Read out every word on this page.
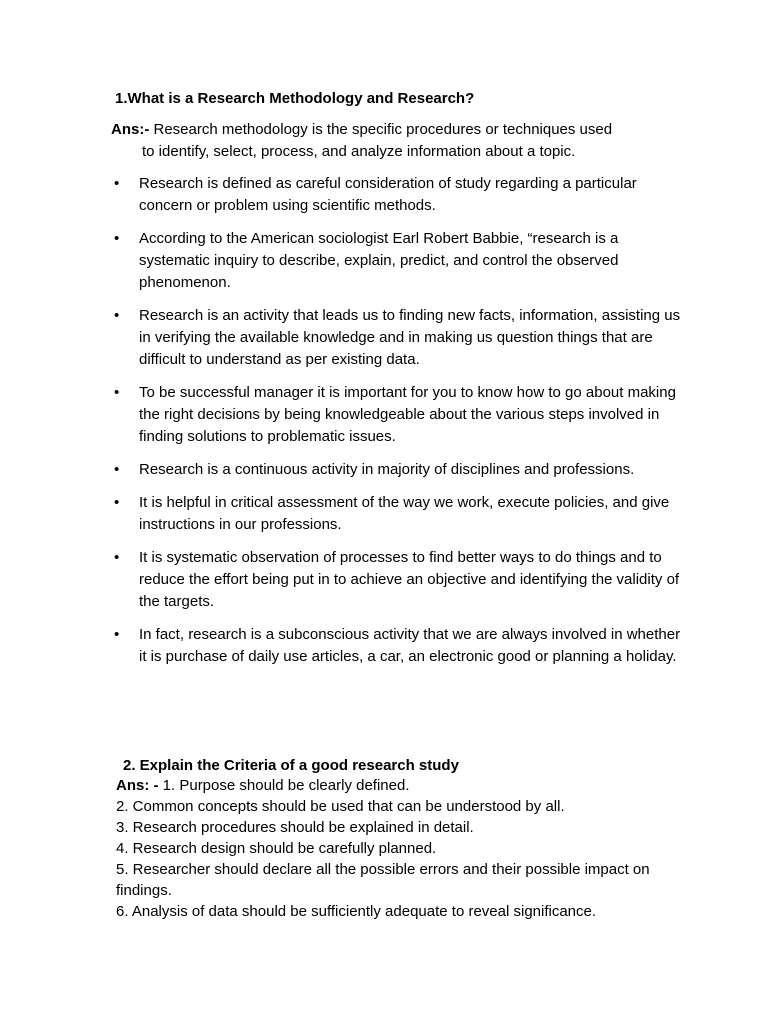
1.What is a Research Methodology and Research?
Ans:- Research methodology is the specific procedures or techniques used
to identify, select, process, and analyze information about a topic.
• Research is defined as careful consideration of study regarding a particular concern or problem using scientific methods.
• According to the American sociologist Earl Robert Babbie, “research is a systematic inquiry to describe, explain, predict, and control the observed phenomenon.
• Research is an activity that leads us to finding new facts, information, assisting us in verifying the available knowledge and in making us question things that are difficult to understand as per existing data.
• To be successful manager it is important for you to know how to go about making the right decisions by being knowledgeable about the various steps involved in finding solutions to problematic issues.
• Research is a continuous activity in majority of disciplines and professions.
• It is helpful in critical assessment of the way we work, execute policies, and give instructions in our professions.
• It is systematic observation of processes to find better ways to do things and to reduce the effort being put in to achieve an objective and identifying the validity of the targets.
• In fact, research is a subconscious activity that we are always involved in whether it is purchase of daily use articles, a car, an electronic good or planning a holiday.
2. Explain the Criteria of a good research study
Ans: - 1. Purpose should be clearly defined.
2. Common concepts should be used that can be understood by all.
3. Research procedures should be explained in detail.
4. Research design should be carefully planned.
5. Researcher should declare all the possible errors and their possible impact on findings.
6. Analysis of data should be sufficiently adequate to reveal significance.
